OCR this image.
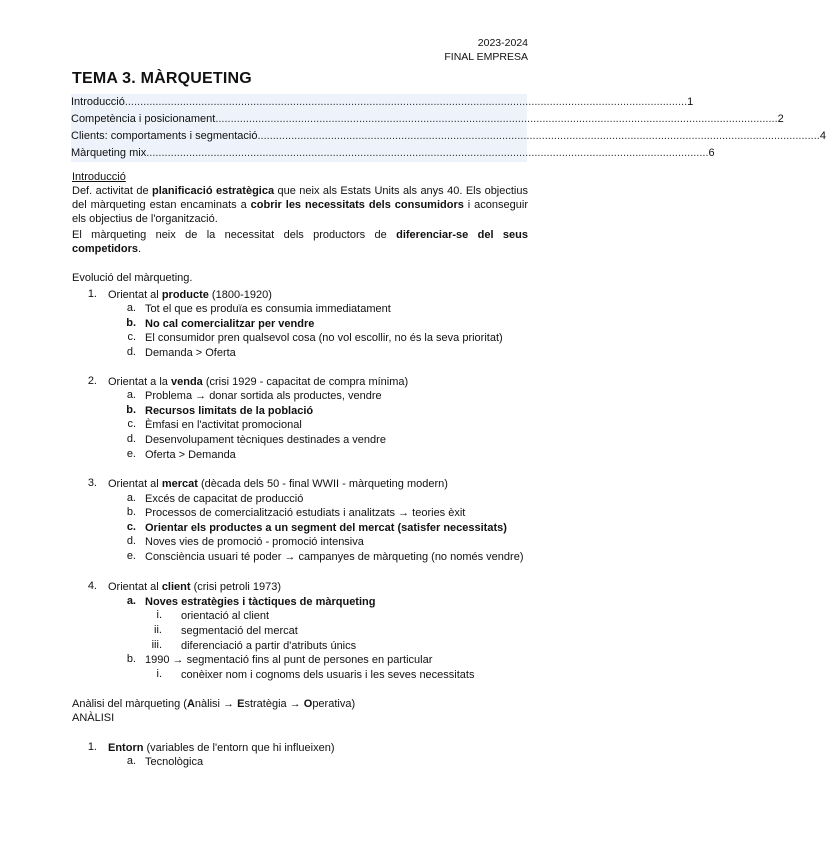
2023-2024
FINAL EMPRESA
TEMA 3. MÀRQUETING
Introducció ........................................................................................................................................................................................ 1
Competència i posicionament ........................................................................................................................................................................................ 2
Clients: comportaments i segmentació ........................................................................................................................................................................................ 4
Màrqueting mix ........................................................................................................................................................................................ 6
Introducció
Def. activitat de planificació estratègica que neix als Estats Units als anys 40. Els objectius del màrqueting estan encaminats a cobrir les necessitats dels consumidors i aconseguir els objectius de l'organització.
El màrqueting neix de la necessitat dels productors de diferenciar-se del seus competidors.
Evolució del màrqueting.
1. Orientat al producte (1800-1920)
a. Tot el que es produïa es consumia immediatament
b. No cal comercialitzar per vendre
c. El consumidor pren qualsevol cosa (no vol escollir, no és la seva prioritat)
d. Demanda > Oferta
2. Orientat a la venda (crisi 1929 - capacitat de compra mínima)
a. Problema → donar sortida als productes, vendre
b. Recursos limitats de la població
c. Èmfasi en l'activitat promocional
d. Desenvolupament tècniques destinades a vendre
e. Oferta > Demanda
3. Orientat al mercat (dècada dels 50 - final WWII - màrqueting modern)
a. Excés de capacitat de producció
b. Processos de comercialització estudiats i analitzats → teories èxit
c. Orientar els productes a un segment del mercat (satisfer necessitats)
d. Noves vies de promoció - promoció intensiva
e. Consciència usuari té poder → campanyes de màrqueting (no només vendre)
4. Orientat al client (crisi petroli 1973)
a. Noves estratègies i tàctiques de màrqueting
i. orientació al client
ii. segmentació del mercat
iii. diferenciació a partir d'atributs únics
b. 1990 → segmentació fins al punt de persones en particular
i. conèixer nom i cognoms dels usuaris i les seves necessitats
Anàlisi del màrqueting (Anàlisi → Estratègia → Operativa)
ANÀLISI
1. Entorn (variables de l'entorn que hi influeixen)
a. Tecnològica
